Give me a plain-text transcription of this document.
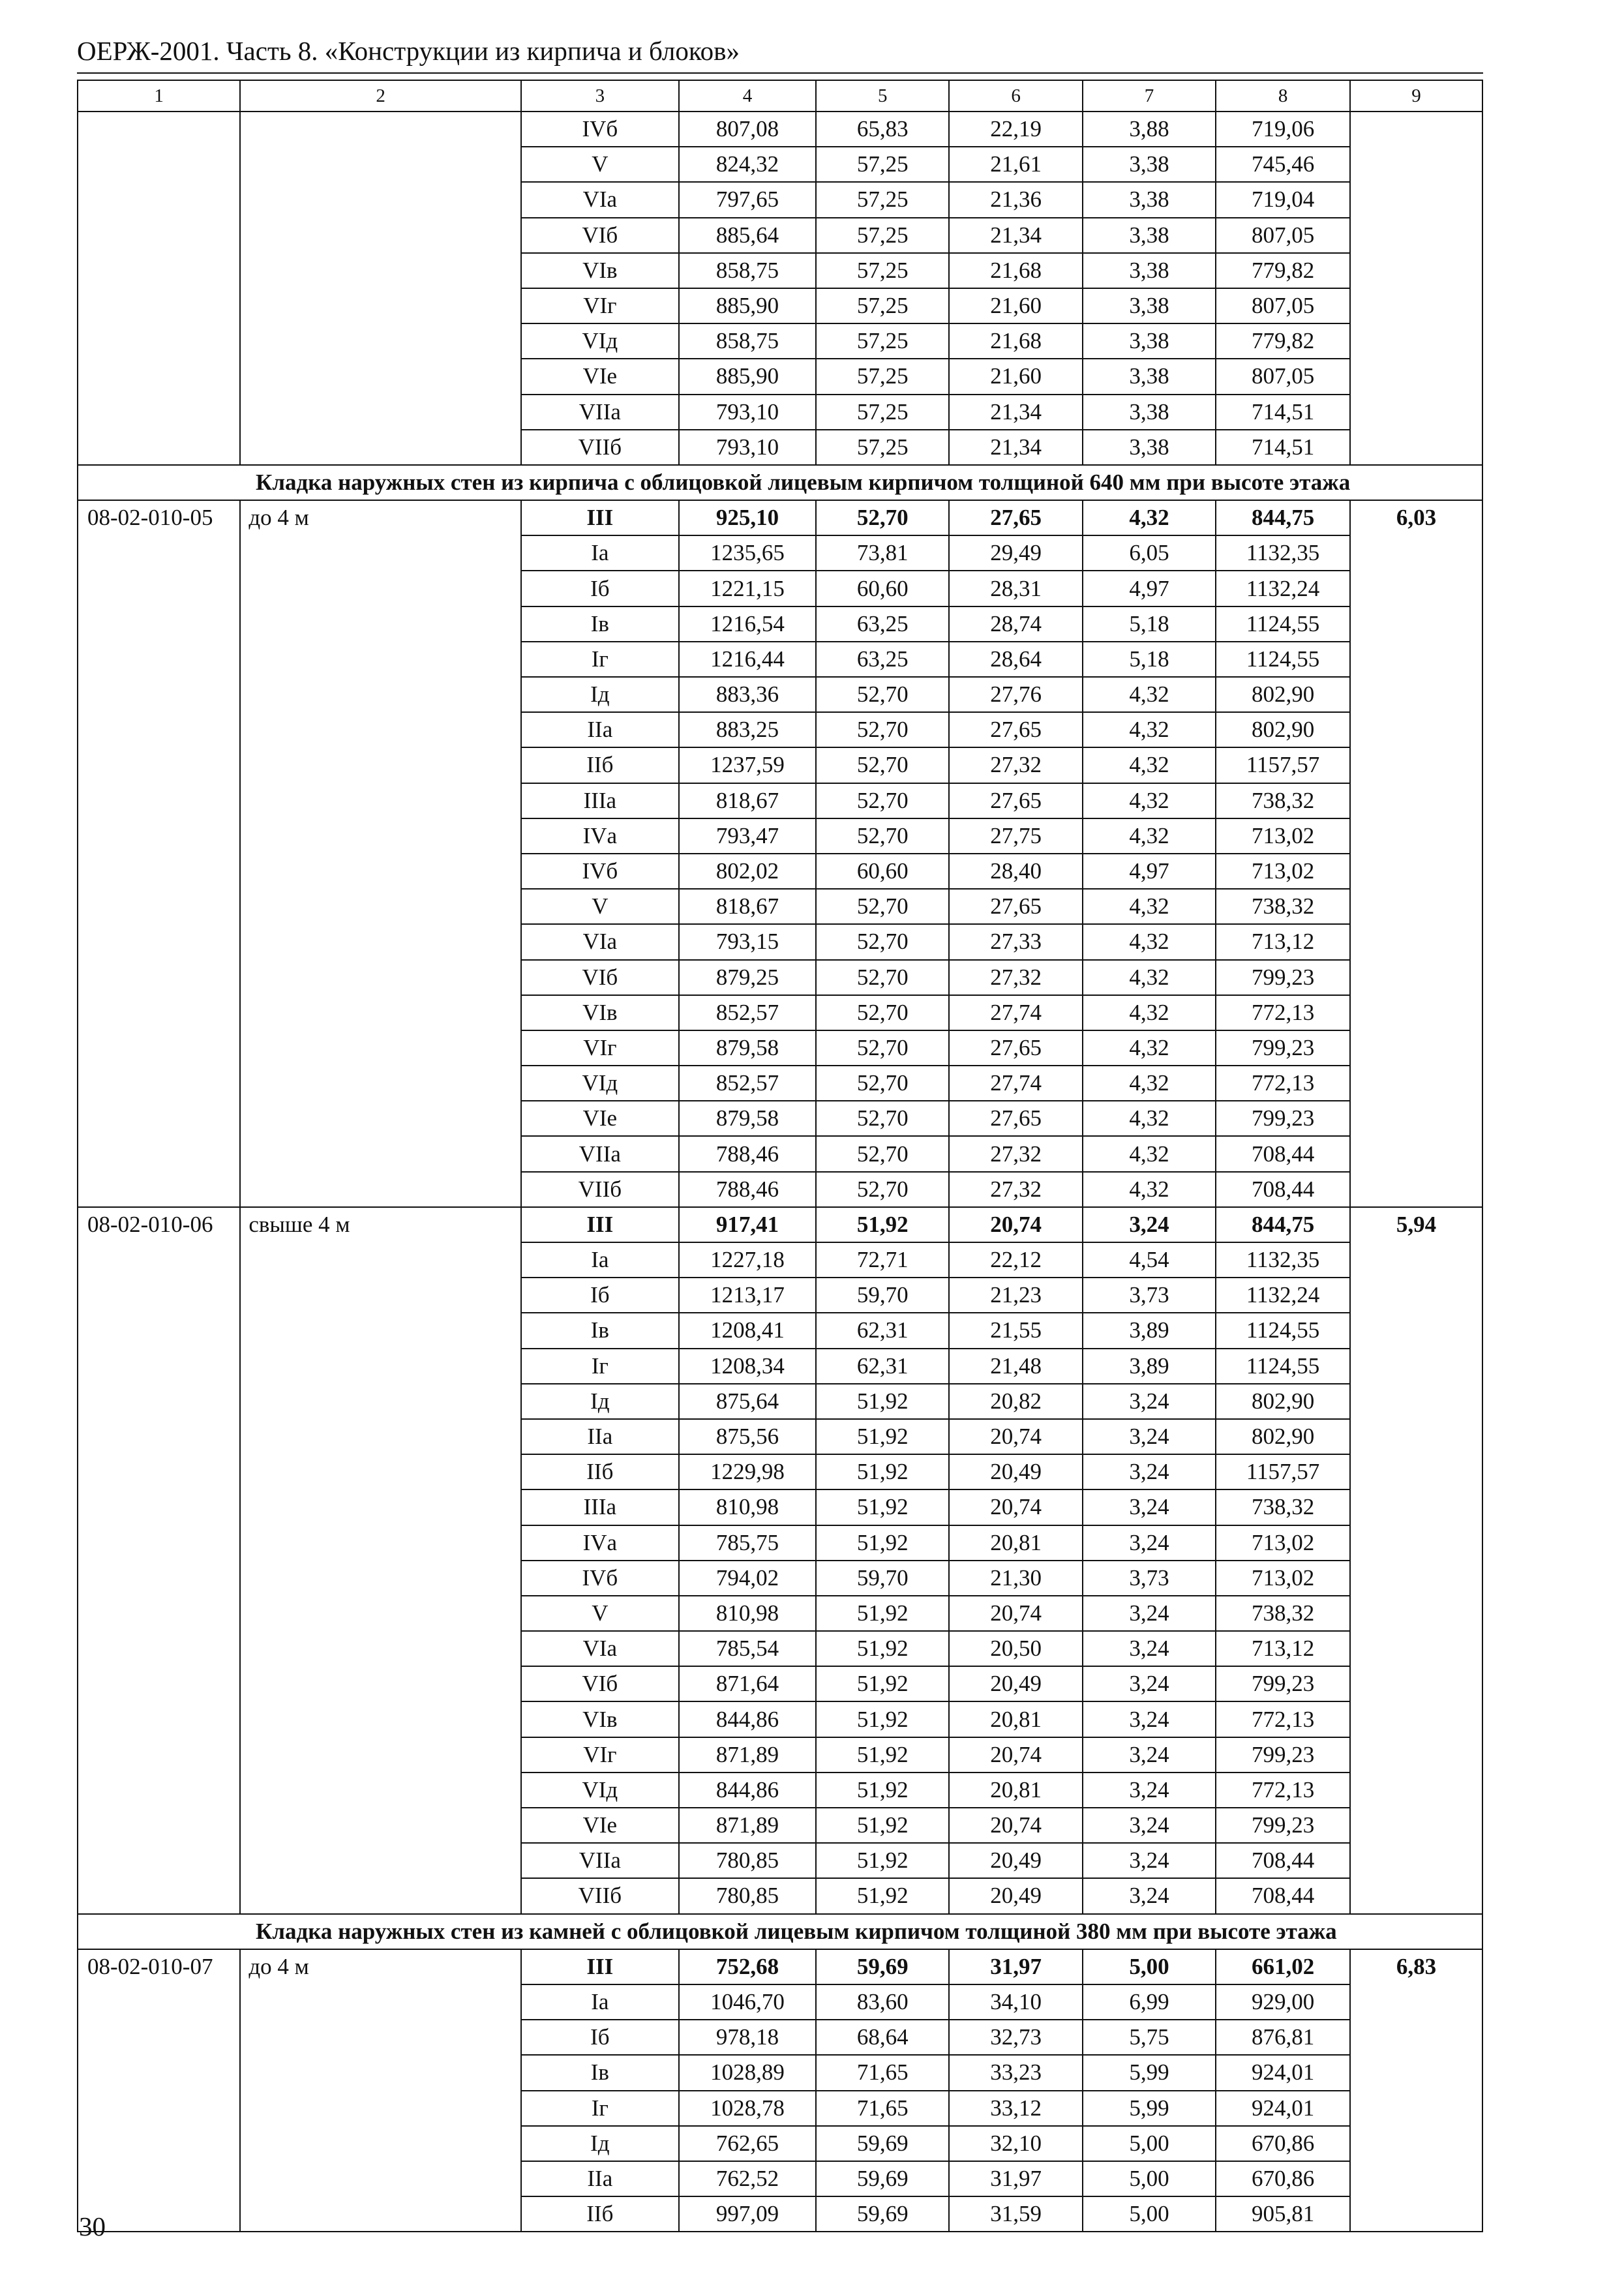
ОЕРЖ-2001. Часть 8. «Конструкции из кирпича и блоков»
1	2	3	4	5	6	7	8	9
		IVб	807,08	65,83	22,19	3,88	719,06	
		V	824,32	57,25	21,61	3,38	745,46	
		VIа	797,65	57,25	21,36	3,38	719,04	
		VIб	885,64	57,25	21,34	3,38	807,05	
		VIв	858,75	57,25	21,68	3,38	779,82	
		VIг	885,90	57,25	21,60	3,38	807,05	
		VIд	858,75	57,25	21,68	3,38	779,82	
		VIе	885,90	57,25	21,60	3,38	807,05	
		VIIа	793,10	57,25	21,34	3,38	714,51	
		VIIб	793,10	57,25	21,34	3,38	714,51	
Кладка наружных стен из кирпича с облицовкой лицевым кирпичом толщиной 640 мм при высоте этажа								
08-02-010-05	до 4 м	III	925,10	52,70	27,65	4,32	844,75	6,03
		Iа	1235,65	73,81	29,49	6,05	1132,35	
		Iб	1221,15	60,60	28,31	4,97	1132,24	
		Iв	1216,54	63,25	28,74	5,18	1124,55	
		Iг	1216,44	63,25	28,64	5,18	1124,55	
		Iд	883,36	52,70	27,76	4,32	802,90	
		IIа	883,25	52,70	27,65	4,32	802,90	
		IIб	1237,59	52,70	27,32	4,32	1157,57	
		IIIа	818,67	52,70	27,65	4,32	738,32	
		IVа	793,47	52,70	27,75	4,32	713,02	
		IVб	802,02	60,60	28,40	4,97	713,02	
		V	818,67	52,70	27,65	4,32	738,32	
		VIа	793,15	52,70	27,33	4,32	713,12	
		VIб	879,25	52,70	27,32	4,32	799,23	
		VIв	852,57	52,70	27,74	4,32	772,13	
		VIг	879,58	52,70	27,65	4,32	799,23	
		VIд	852,57	52,70	27,74	4,32	772,13	
		VIе	879,58	52,70	27,65	4,32	799,23	
		VIIа	788,46	52,70	27,32	4,32	708,44	
		VIIб	788,46	52,70	27,32	4,32	708,44	
08-02-010-06	свыше 4 м	III	917,41	51,92	20,74	3,24	844,75	5,94
		Iа	1227,18	72,71	22,12	4,54	1132,35	
		Iб	1213,17	59,70	21,23	3,73	1132,24	
		Iв	1208,41	62,31	21,55	3,89	1124,55	
		Iг	1208,34	62,31	21,48	3,89	1124,55	
		Iд	875,64	51,92	20,82	3,24	802,90	
		IIа	875,56	51,92	20,74	3,24	802,90	
		IIб	1229,98	51,92	20,49	3,24	1157,57	
		IIIа	810,98	51,92	20,74	3,24	738,32	
		IVа	785,75	51,92	20,81	3,24	713,02	
		IVб	794,02	59,70	21,30	3,73	713,02	
		V	810,98	51,92	20,74	3,24	738,32	
		VIа	785,54	51,92	20,50	3,24	713,12	
		VIб	871,64	51,92	20,49	3,24	799,23	
		VIв	844,86	51,92	20,81	3,24	772,13	
		VIг	871,89	51,92	20,74	3,24	799,23	
		VIд	844,86	51,92	20,81	3,24	772,13	
		VIе	871,89	51,92	20,74	3,24	799,23	
		VIIа	780,85	51,92	20,49	3,24	708,44	
		VIIб	780,85	51,92	20,49	3,24	708,44	
Кладка наружных стен из камней с облицовкой лицевым кирпичом толщиной 380 мм при высоте этажа								
08-02-010-07	до 4 м	III	752,68	59,69	31,97	5,00	661,02	6,83
		Iа	1046,70	83,60	34,10	6,99	929,00	
		Iб	978,18	68,64	32,73	5,75	876,81	
		Iв	1028,89	71,65	33,23	5,99	924,01	
		Iг	1028,78	71,65	33,12	5,99	924,01	
		Iд	762,65	59,69	32,10	5,00	670,86	
		IIа	762,52	59,69	31,97	5,00	670,86	
		IIб	997,09	59,69	31,59	5,00	905,81	
30
